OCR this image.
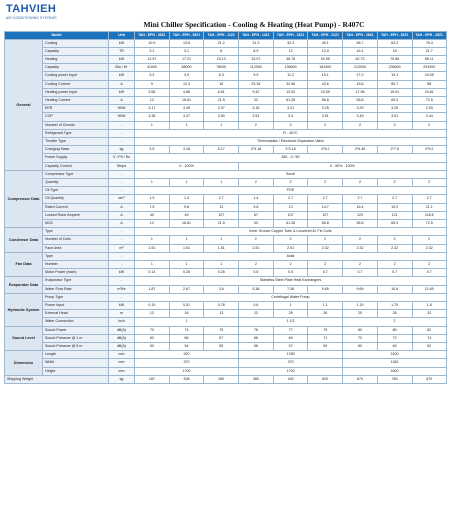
TAHVIEH
AIR CONDITIONING SYSTEMS
Mini Chiller Specification - Cooling & Heating (Heat Pump) - R407C
Model		Unit	TAH - EPH - 06Z1	TAH - EPH - 09Z1	TAH - EPH - 11Z1	TAH - EPH - 14Z1	TAH - EPH - 16Z1	TAH - EPH - 21Z1	TAH - EPH - 26Z1	TAH - EPH - 30Z1	TAH - EPH - 35Z1
General	Cooling	kW	10.9	13.6	21.2	31.3	32.3	49.1	56.7	63.2	76.4
	Capacity	TR	3.1	3.1	6	8.9	12	13.9	16.1	18	21.7
	Heating	kW	12.97	17.21	23.13	33.07	36.78	53.95	62.73	70.86	85.11
	Capacity	Btu / Hr	41000	58000	78000	112000	138000	181000	212000	238000	291000
	Cooling power Input	kW	3.3	3.9	6.3	9.9	11.2	15.1	17.2	19.1	24.09
	Cooling Current	A	9	12.3	16	23.16	32.96	43.6	43.6	50.7	58
	Heating power Input	kW	3.66	4.86	6.61	9.42	13.32	15.39	17.96	19.91	24.81
	Heating Current	A	12	16.61	21.5	33	61.26	56.8	56.8	65.3	72.5
	EER	W/W	3.17	3.49	3.37	3.16	3.21	3.25	3.29	3.25	2.93
	COP	W/W	3.38	3.47	3.50	3.51	3.4	3.51	3.49	3.51	3.44
	Number of Circuits	-	1	1	1	2	2	2	2	2	2
	Refrigerant Type	-	R - 407C								
	Throttle Type	-	Thermostatic / Electronic Expansion Valve								
	Charging Mass	kg	2.5	3.18	5.17	2*3.18	2*3.16	2*5.2	2*5.45	2*7.5	2*9.2
	Power Supply	V / Ph / Hz	380 - 3 / 50								
	Capacity Control	Steps	0 - 100%			0 - 50% - 100%					
Compressor Data	Compressor Type	-	Scroll								
	Quantity	-	1	1	1	2	2	2	2	2	2
	Oil Type	-	POE								
	Oil Quantity	dm³	1.9	1.4	2.7	1.4	2.7	2.7	2.7	2.7	2.7
	Rated Current	A	7.5	9.6	13	9.6	13	14.7	16.4	19.2	21.1
	Locked Rotor Ampere	A	40	49	107	67	107	107	123	121	118.5
	MOC	A	12	16.61	21.5	33	61.26	56.8	56.8	65.3	72.5
Condenser Data	Type	-	Inner Groove Copper Tube & Louvered Al. Fin Coils								
	Number of Coils	-	1	1	1	2	2	2	2	2	2
	Face Area	m²	1.51	1.51	1.51	2.51	2.51	2.32	2.32	2.32	2.32
Fan Data	Type	-	Axial								
	Number	-	1	1	1	2	2	2	2	2	2
	Motor Power (each)	kW	0.14	0.25	0.25	0.5	0.5	0.7	0.7	0.7	0.7
Evaporator Data	Evaporator Type	-	Stainless Steel Plate Heat Exchangers								
	Water Flow Rate	m³/hr	1.87	2.67	3.6	5.38	7.38	9.65	9.69	10.6	11.65
Hydraulic System	Pump Type	-	Centrifugal Water Pump								
	Power Input	kW	0.15	0.51	0.78	0.6	1	1.1	1.15	1.75	1.8
	External Head	m	13	16	13	23	28	26	25	35	32
	Water Connection	Inch	1			1 1/2			2		
Sound Level	Sound Power	dB(A)	70	74	75	76	77	79	80	80	82
	Sound Pressure @ 1 m	dB(A)	62	66	67	68	69	71	72	72	74
	Sound Pressure @ 5 m	dB(A)	50	54	55	56	57	59	60	60	62
Dimension	Length	mm	920			1780			2100		
	Width	mm	370			370			1150		
	Height	mm	1700			1700			1600		
Shipping Weight		kg	187	208	260	380	430	620	670	780	870
